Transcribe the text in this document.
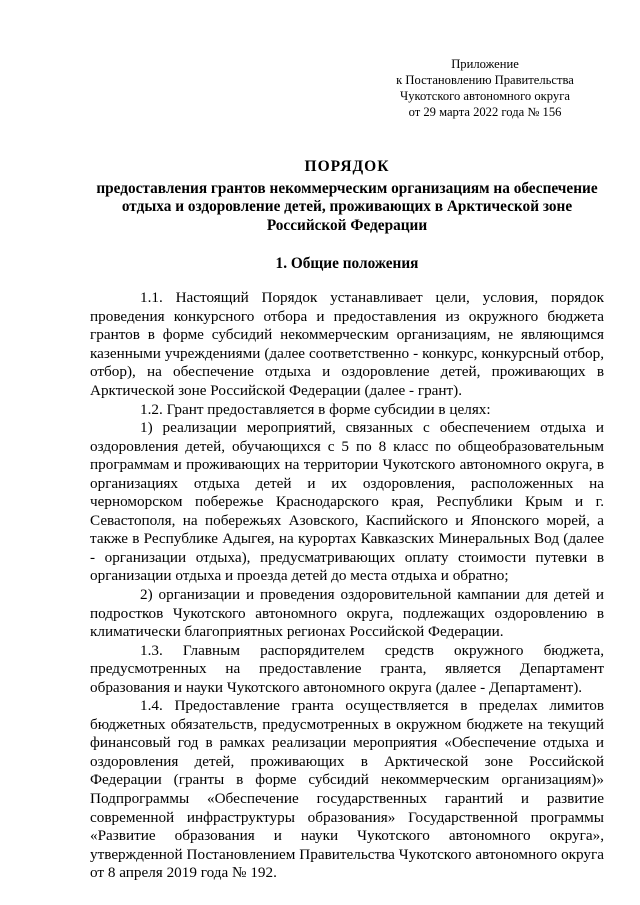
Приложение
к Постановлению Правительства
Чукотского автономного округа
от 29 марта 2022 года № 156
ПОРЯДОК
предоставления грантов некоммерческим организациям на обеспечение отдыха и оздоровление детей, проживающих в Арктической зоне Российской Федерации
1. Общие положения

1.1. Настоящий Порядок устанавливает цели, условия, порядок проведения конкурсного отбора и предоставления из окружного бюджета грантов в форме субсидий некоммерческим организациям, не являющимся казенными учреждениями (далее соответственно - конкурс, конкурсный отбор, отбор), на обеспечение отдыха и оздоровление детей, проживающих в Арктической зоне Российской Федерации (далее - грант).

1.2. Грант предоставляется в форме субсидии в целях:

1) реализации мероприятий, связанных с обеспечением отдыха и оздоровления детей, обучающихся с 5 по 8 класс по общеобразовательным программам и проживающих на территории Чукотского автономного округа, в организациях отдыха детей и их оздоровления, расположенных на черноморском побережье Краснодарского края, Республики Крым и г. Севастополя, на побережьях Азовского, Каспийского и Японского морей, а также в Республике Адыгея, на курортах Кавказских Минеральных Вод (далее - организации отдыха), предусматривающих оплату стоимости путевки в организации отдыха и проезда детей до места отдыха и обратно;

2) организации и проведения оздоровительной кампании для детей и подростков Чукотского автономного округа, подлежащих оздоровлению в климатически благоприятных регионах Российской Федерации.

1.3. Главным распорядителем средств окружного бюджета, предусмотренных на предоставление гранта, является Департамент образования и науки Чукотского автономного округа (далее - Департамент).

1.4. Предоставление гранта осуществляется в пределах лимитов бюджетных обязательств, предусмотренных в окружном бюджете на текущий финансовый год в рамках реализации мероприятия «Обеспечение отдыха и оздоровления детей, проживающих в Арктической зоне Российской Федерации (гранты в форме субсидий некоммерческим организациям)» Подпрограммы «Обеспечение государственных гарантий и развитие современной инфраструктуры образования» Государственной программы «Развитие образования и науки Чукотского автономного округа», утвержденной Постановлением Правительства Чукотского автономного округа от 8 апреля 2019 года № 192.
